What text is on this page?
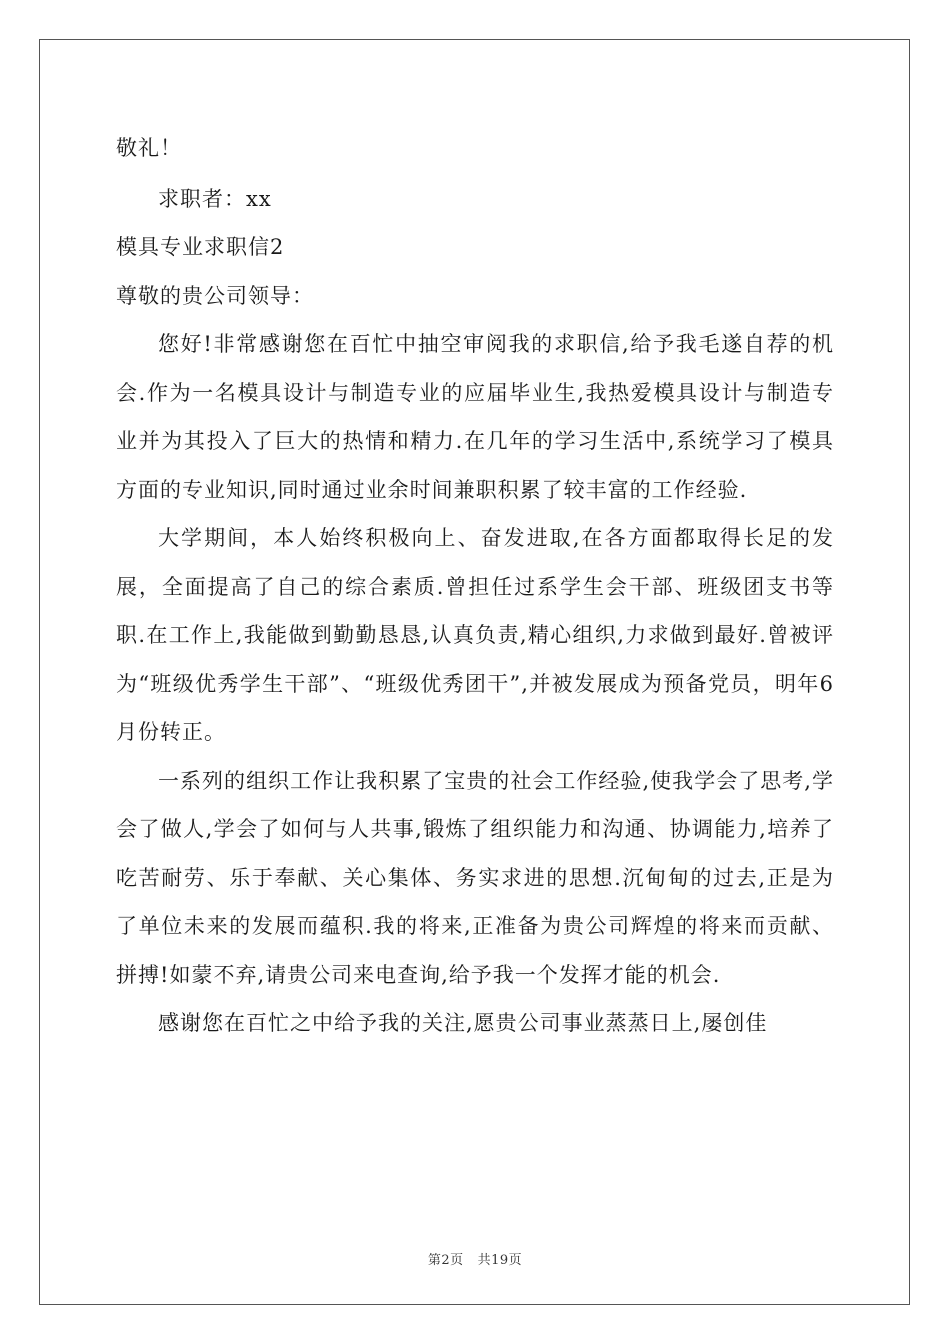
敬礼！
求职者：xx
模具专业求职信2
尊敬的贵公司领导：

您好!非常感谢您在百忙中抽空审阅我的求职信,给予我毛遂自荐的机会.作为一名模具设计与制造专业的应届毕业生,我热爱模具设计与制造专业并为其投入了巨大的热情和精力.在几年的学习生活中,系统学习了模具方面的专业知识,同时通过业余时间兼职积累了较丰富的工作经验.

大学期间，本人始终积极向上、奋发进取,在各方面都取得长足的发展，全面提高了自己的综合素质.曾担任过系学生会干部、班级团支书等职.在工作上,我能做到勤勤恳恳,认真负责,精心组织,力求做到最好.曾被评为“班级优秀学生干部”、“班级优秀团干”,并被发展成为预备党员，明年6月份转正。

一系列的组织工作让我积累了宝贵的社会工作经验,使我学会了思考,学会了做人,学会了如何与人共事,锻炼了组织能力和沟通、协调能力,培养了吃苦耐劳、乐于奉献、关心集体、务实求进的思想.沉甸甸的过去,正是为了单位未来的发展而蕴积.我的将来,正准备为贵公司辉煌的将来而贡献、拼搏!如蒙不弃,请贵公司来电查询,给予我一个发挥才能的机会.

感谢您在百忙之中给予我的关注,愿贵公司事业蒸蒸日上,屡创佳

第2页 共19页
